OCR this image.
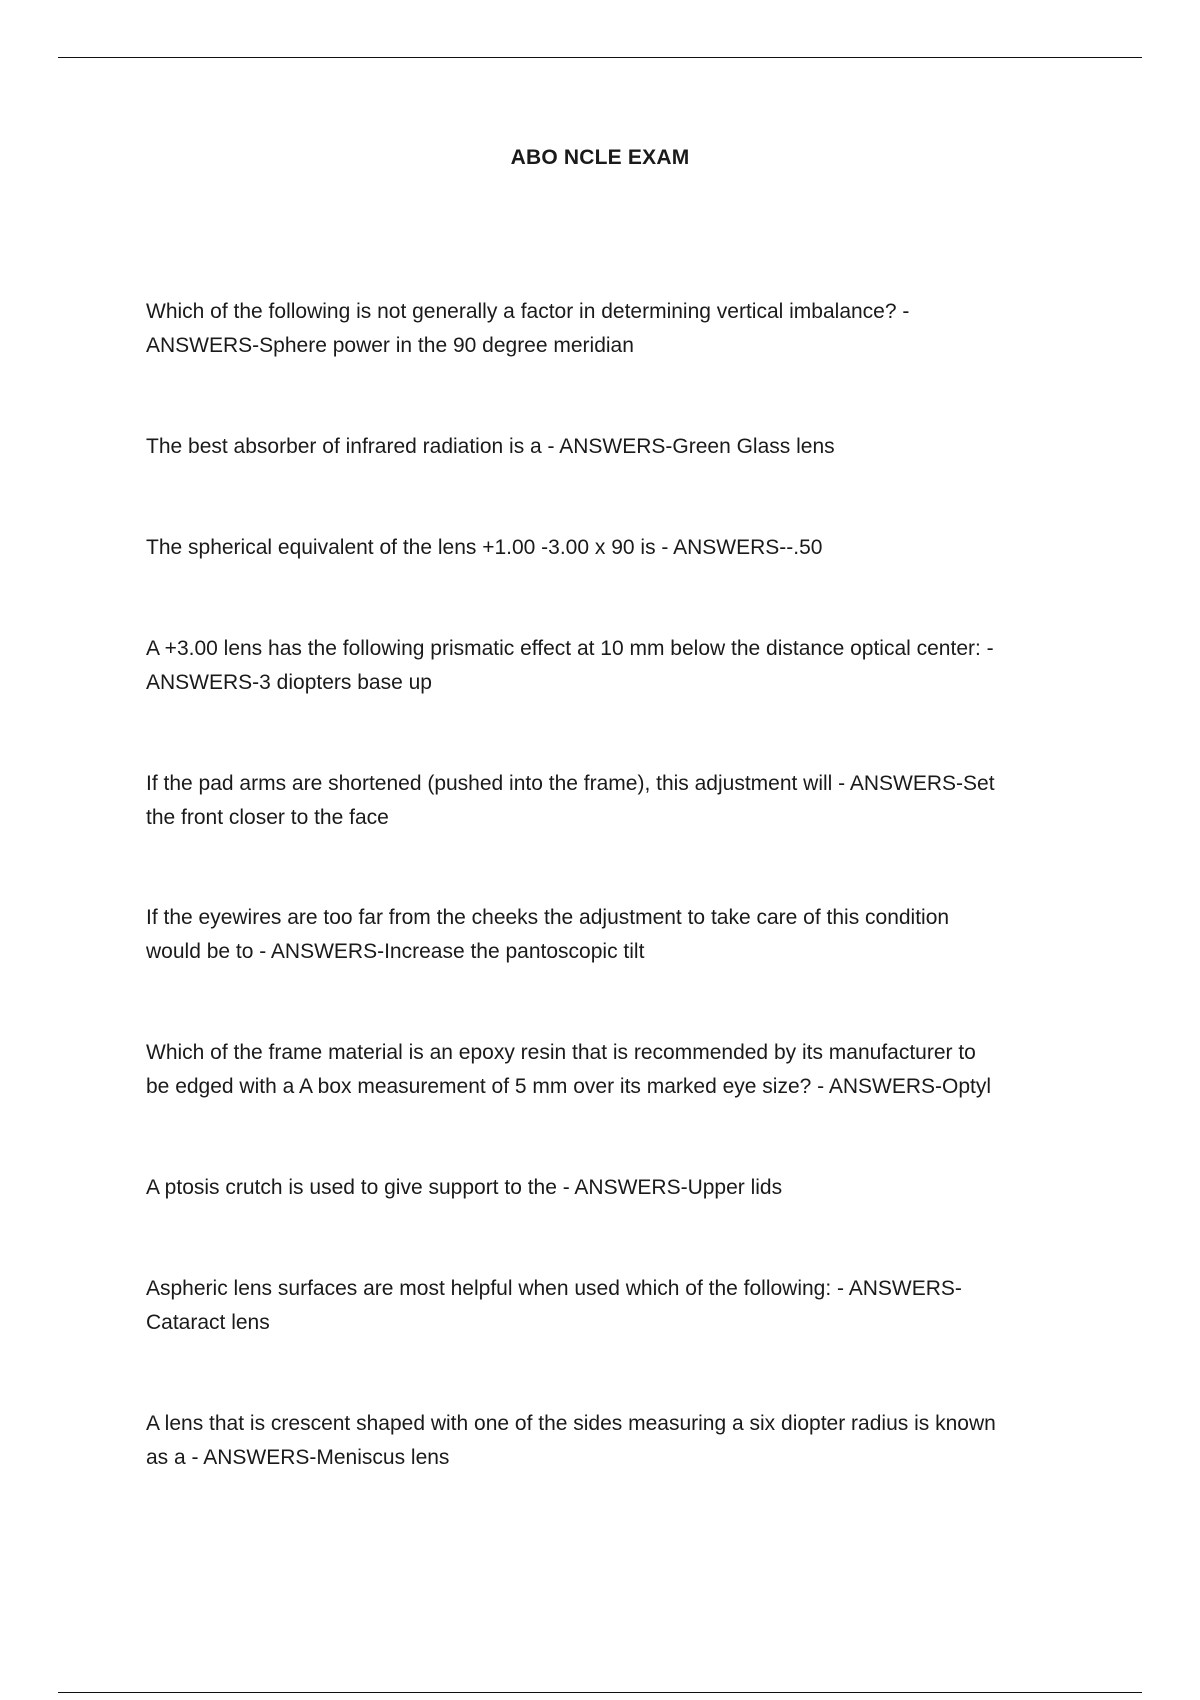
ABO NCLE EXAM
Which of the following is not generally a factor in determining vertical imbalance? -
ANSWERS-Sphere power in the 90 degree meridian
The best absorber of infrared radiation is a - ANSWERS-Green Glass lens
The spherical equivalent of the lens +1.00 -3.00 x 90 is - ANSWERS--.50
A +3.00 lens has the following prismatic effect at 10 mm below the distance optical center: -
ANSWERS-3 diopters base up
If the pad arms are shortened (pushed into the frame), this adjustment will - ANSWERS-Set
the front closer to the face
If the eyewires are too far from the cheeks the adjustment to take care of this condition
would be to - ANSWERS-Increase the pantoscopic tilt
Which of the frame material is an epoxy resin that is recommended by its manufacturer to
be edged with a A box measurement of 5 mm over its marked eye size? - ANSWERS-Optyl
A ptosis crutch is used to give support to the - ANSWERS-Upper lids
Aspheric lens surfaces are most helpful when used which of the following: - ANSWERS-
Cataract lens
A lens that is crescent shaped with one of the sides measuring a six diopter radius is known
as a - ANSWERS-Meniscus lens
